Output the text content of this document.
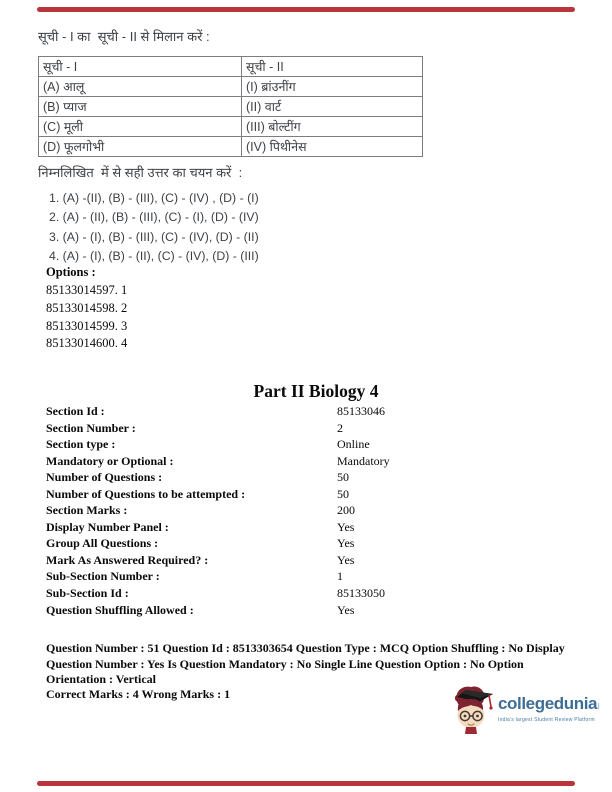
सूची - I का  सूची - II से मिलान करें :
सूची - I	सूची - II
(A) आलू	(I) ब्रांउनींग
(B) प्याज	(II) वार्ट
(C) मूली	(III) बोल्टींग
(D) फूलगोभी	(IV) पिथीनेस
निम्नलिखित  में से सही उत्तर का चयन करें  :
1. (A) -(II), (B) - (III), (C) - (IV) , (D) - (I)
2. (A) - (II), (B) - (III), (C) - (I), (D) - (IV)
3. (A) - (I), (B) - (III), (C) - (IV), (D) - (II)
4. (A) - (I), (B) - (II), (C) - (IV), (D) - (III)
Options :
85133014597. 1
85133014598. 2
85133014599. 3
85133014600. 4
Part II Biology 4
Section Id :	85133046
Section Number :	2
Section type :	Online
Mandatory or Optional :	Mandatory
Number of Questions :	50
Number of Questions to be attempted :	50
Section Marks :	200
Display Number Panel :	Yes
Group All Questions :	Yes
Mark As Answered Required? :	Yes
Sub-Section Number :	1
Sub-Section Id :	85133050
Question Shuffling Allowed :	Yes
Question Number : 51 Question Id : 8513303654 Question Type : MCQ Option Shuffling : No Display
Question Number : Yes Is Question Mandatory : No Single Line Question Option : No Option
Orientation : Vertical
Correct Marks : 4 Wrong Marks : 1	collegeduniaı
India's largest Student Review Platform
